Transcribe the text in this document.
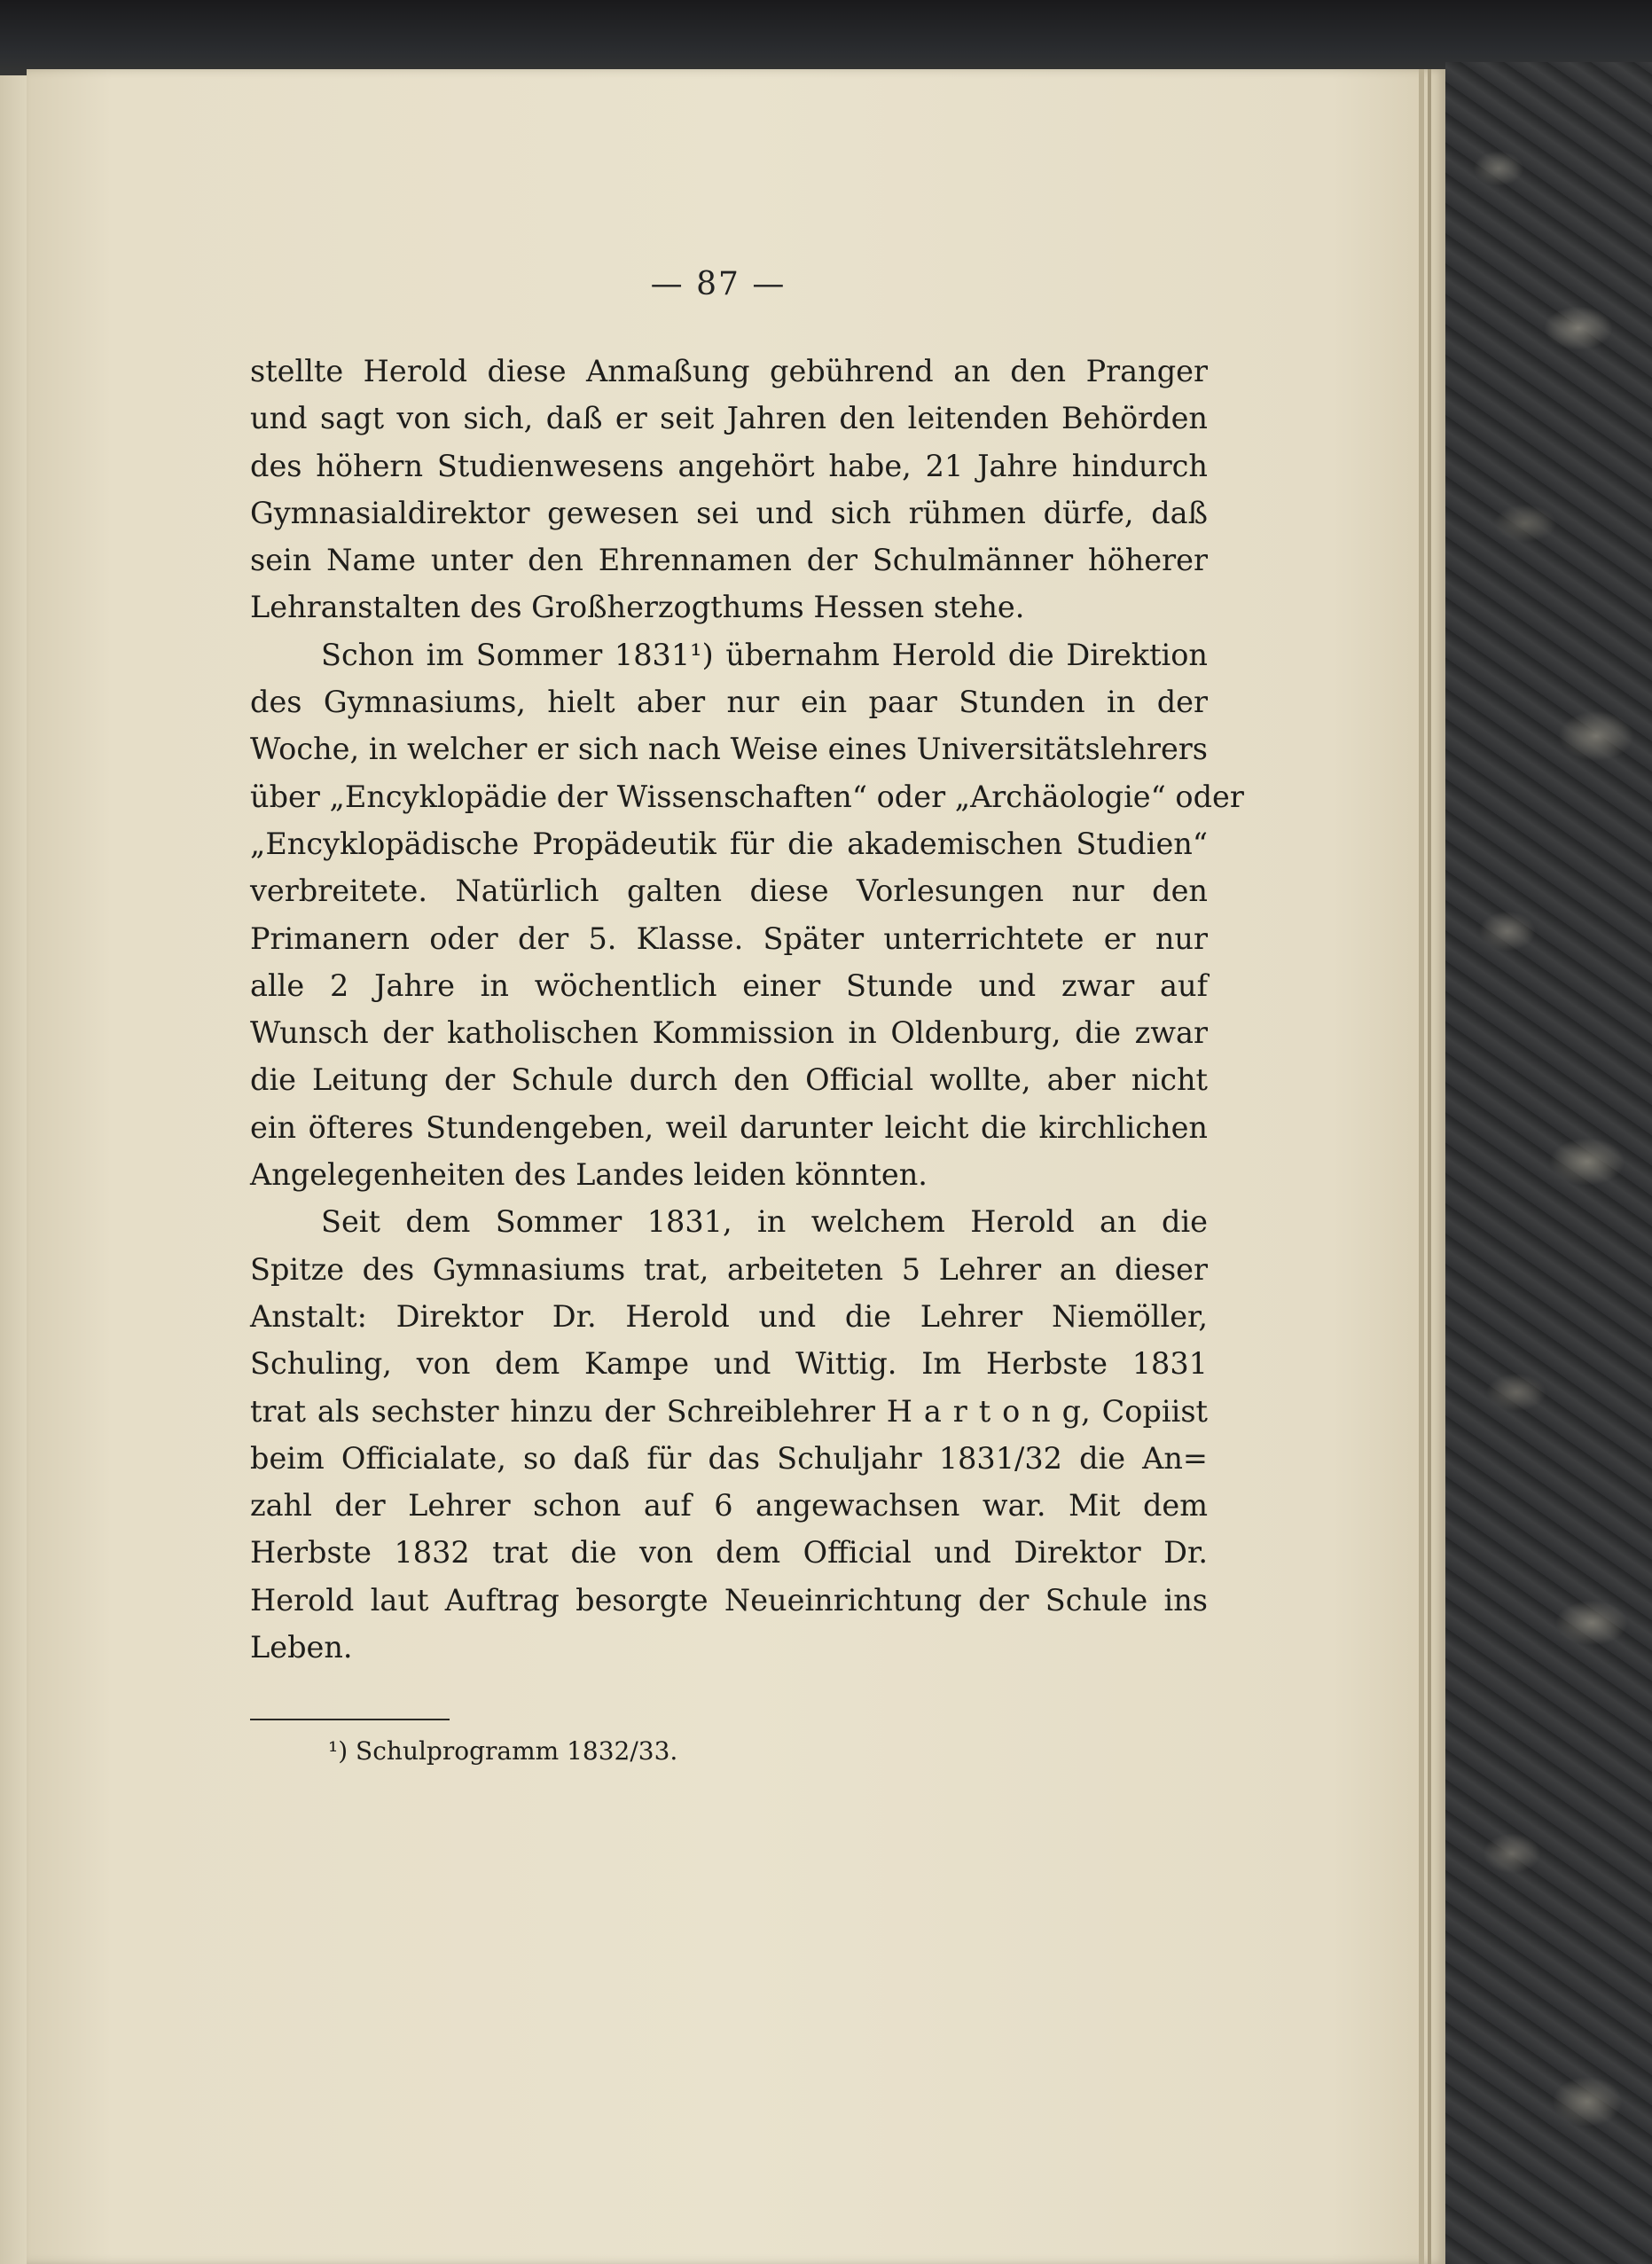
— 87 —
stellte Herold diese Anmaßung gebührend an den Pranger
und sagt von sich, daß er seit Jahren den leitenden Behörden
des höhern Studienwesens angehört habe, 21 Jahre hindurch
Gymnasialdirektor gewesen sei und sich rühmen dürfe, daß
sein Name unter den Ehrennamen der Schulmänner höherer
Lehranstalten des Großherzogthums Hessen stehe.
Schon im Sommer 1831¹) übernahm Herold die Direktion
des Gymnasiums, hielt aber nur ein paar Stunden in der
Woche, in welcher er sich nach Weise eines Universitätslehrers
über „Encyklopädie der Wissenschaften“ oder „Archäologie“ oder
„Encyklopädische Propädeutik für die akademischen Studien“
verbreitete. Natürlich galten diese Vorlesungen nur den
Primanern oder der 5. Klasse. Später unterrichtete er nur
alle 2 Jahre in wöchentlich einer Stunde und zwar auf
Wunsch der katholischen Kommission in Oldenburg, die zwar
die Leitung der Schule durch den Official wollte, aber nicht
ein öfteres Stundengeben, weil darunter leicht die kirchlichen
Angelegenheiten des Landes leiden könnten.
Seit dem Sommer 1831, in welchem Herold an die
Spitze des Gymnasiums trat, arbeiteten 5 Lehrer an dieser
Anstalt: Direktor Dr. Herold und die Lehrer Niemöller,
Schuling, von dem Kampe und Wittig. Im Herbste 1831
trat als sechster hinzu der Schreiblehrer H a r t o n g, Copiist
beim Officialate, so daß für das Schuljahr 1831/32 die An=
zahl der Lehrer schon auf 6 angewachsen war. Mit dem
Herbste 1832 trat die von dem Official und Direktor Dr.
Herold laut Auftrag besorgte Neueinrichtung der Schule ins
Leben.
¹) Schulprogramm 1832/33.
